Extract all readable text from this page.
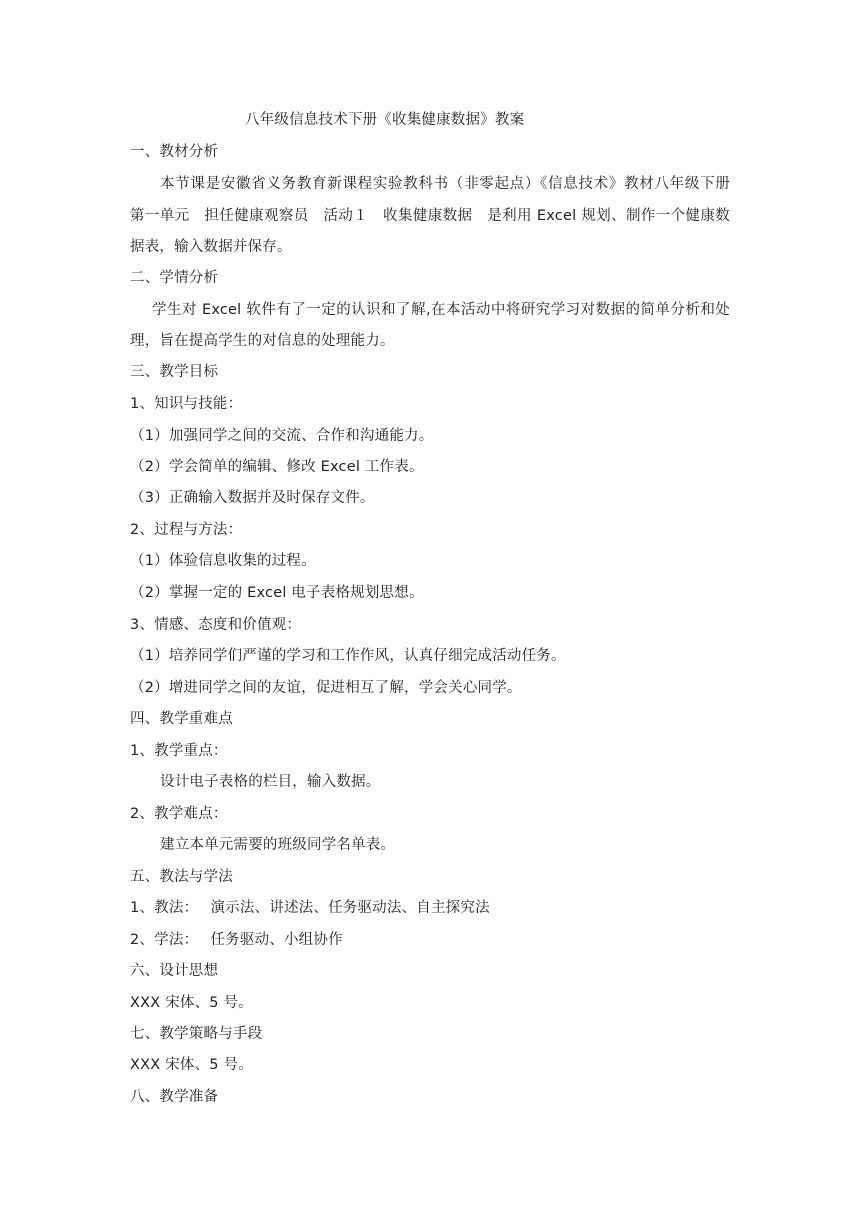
八年级信息技术下册《收集健康数据》教案
一、教材分析
本节课是安徽省义务教育新课程实验教科书（非零起点）《信息技术》教材八年级下册
第一单元　担任健康观察员　活动１　收集健康数据　是利用 Excel 规划、制作一个健康数
据表，输入数据并保存。
二、学情分析
学生对 Excel 软件有了一定的认识和了解,在本活动中将研究学习对数据的简单分析和处
理，旨在提高学生的对信息的处理能力。
三、教学目标
1、知识与技能：
（1）加强同学之间的交流、合作和沟通能力。
（2）学会简单的编辑、修改 Excel 工作表。
（3）正确输入数据并及时保存文件。
2、过程与方法：
（1）体验信息收集的过程。
（2）掌握一定的 Excel 电子表格规划思想。
3、情感、态度和价值观：
（1）培养同学们严谨的学习和工作作风，认真仔细完成活动任务。
（2）增进同学之间的友谊，促进相互了解，学会关心同学。
四、教学重难点
1、教学重点：
设计电子表格的栏目，输入数据。
2、教学难点：
建立本单元需要的班级同学名单表。
五、教法与学法
1、教法：　 演示法、讲述法、任务驱动法、自主探究法
2、学法：　 任务驱动、小组协作
六、设计思想
XXX 宋体、5 号。
七、教学策略与手段
XXX 宋体、5 号。
八、教学准备
